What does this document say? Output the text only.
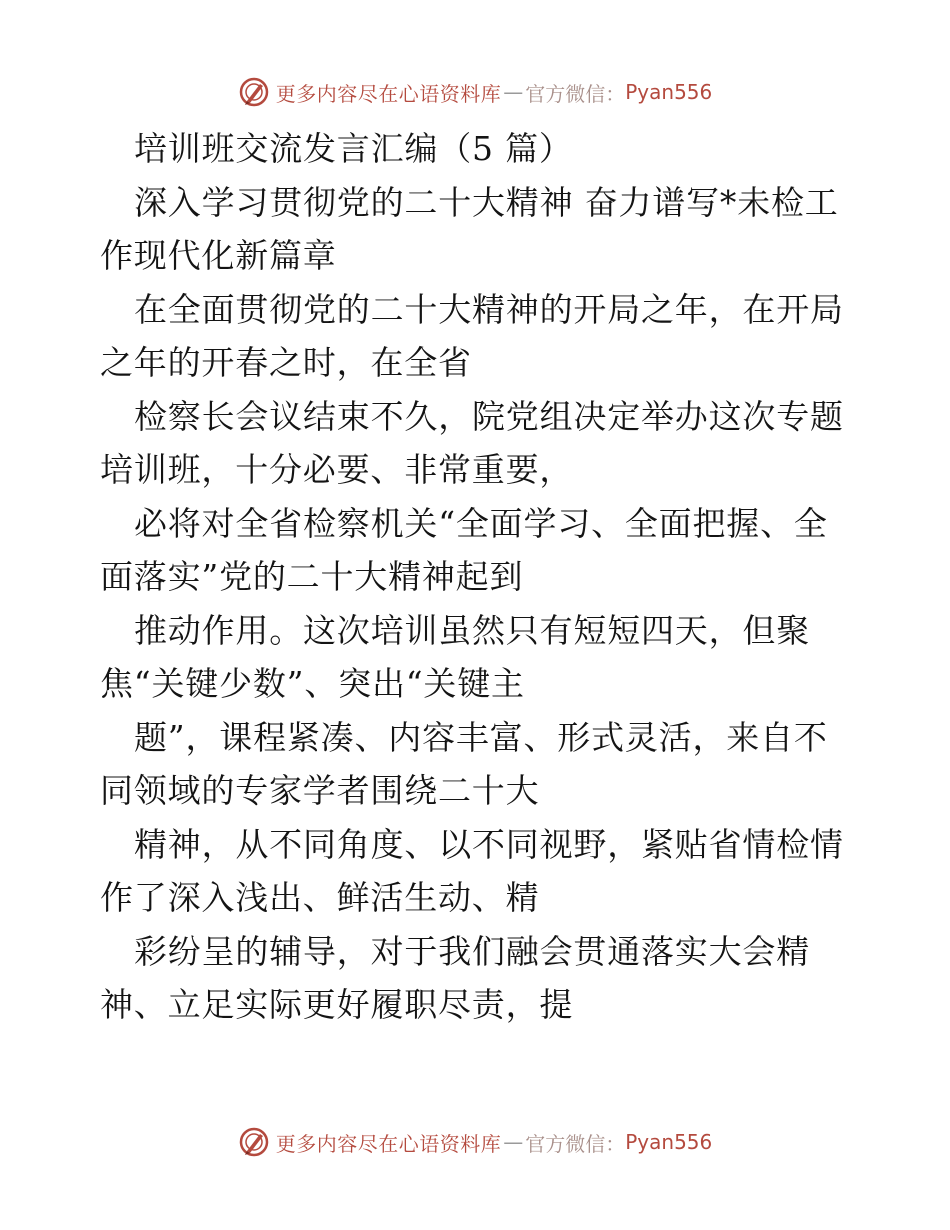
更多内容尽在心语资料库 — 官方微信： Pyan556
培训班交流发言汇编（5 篇）
深入学习贯彻党的二十大精神 奋力谱写*未检工
作现代化新篇章
在全面贯彻党的二十大精神的开局之年，在开局
之年的开春之时，在全省
检察长会议结束不久，院党组决定举办这次专题
培训班，十分必要、非常重要，
必将对全省检察机关“全面学习、全面把握、全
面落实”党的二十大精神起到
推动作用。这次培训虽然只有短短四天，但聚
焦“关键少数”、突出“关键主
题”，课程紧凑、内容丰富、形式灵活，来自不
同领域的专家学者围绕二十大
精神，从不同角度、以不同视野，紧贴省情检情
作了深入浅出、鲜活生动、精
彩纷呈的辅导，对于我们融会贯通落实大会精
神、立足实际更好履职尽责，提
更多内容尽在心语资料库 — 官方微信： Pyan556
